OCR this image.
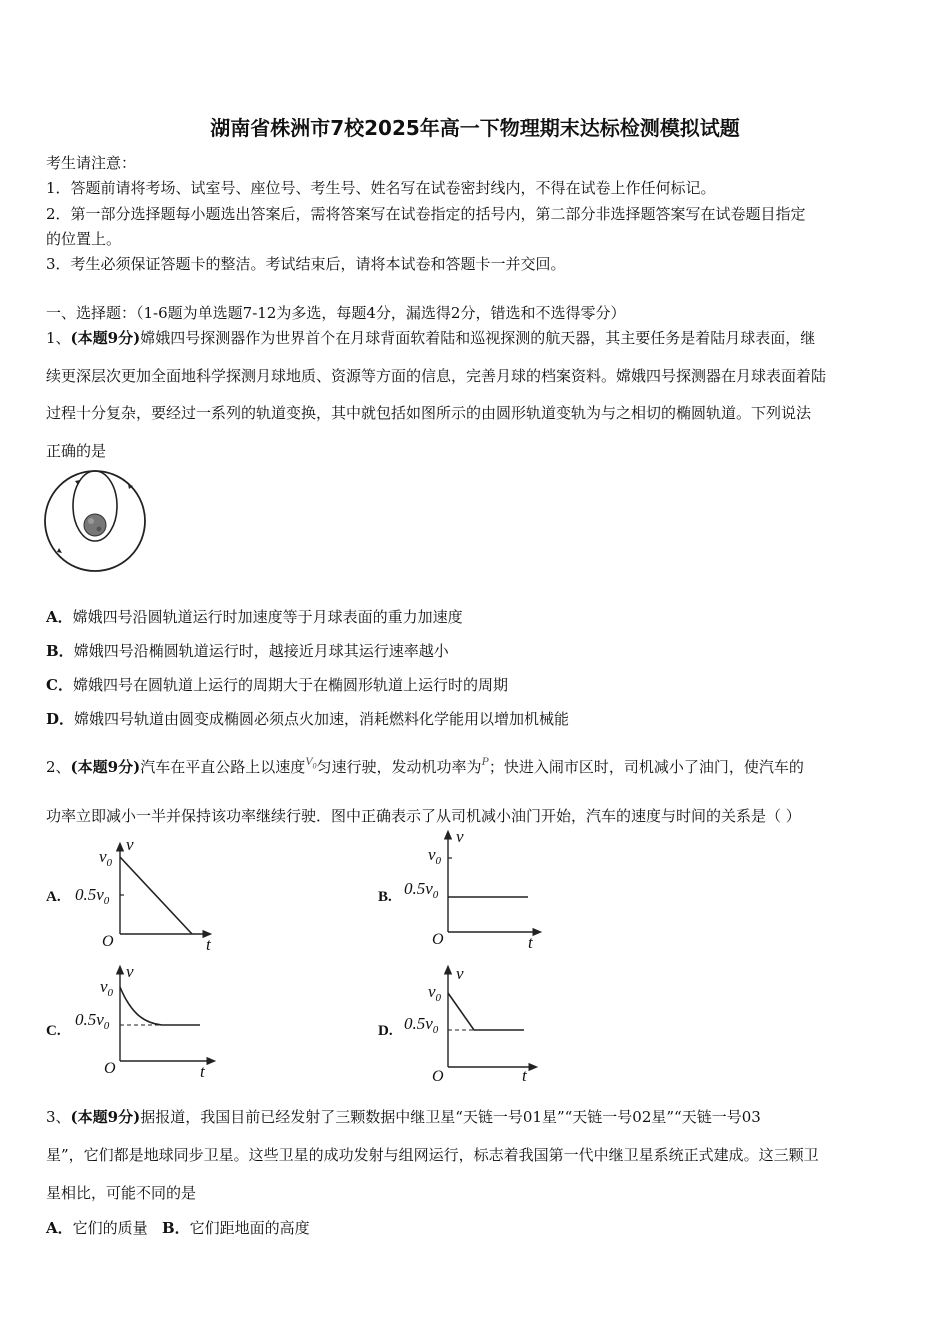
湖南省株洲市7校2025年高一下物理期末达标检测模拟试题
考生请注意：
1．答题前请将考场、试室号、座位号、考生号、姓名写在试卷密封线内，不得在试卷上作任何标记。
2．第一部分选择题每小题选出答案后，需将答案写在试卷指定的括号内，第二部分非选择题答案写在试卷题目指定
的位置上。
3．考生必须保证答题卡的整洁。考试结束后，请将本试卷和答题卡一并交回。
一、选择题：（1-6题为单选题7-12为多选，每题4分，漏选得2分，错选和不选得零分）
1、(本题9分)嫦娥四号探测器作为世界首个在月球背面软着陆和巡视探测的航天器，其主要任务是着陆月球表面，继
续更深层次更加全面地科学探测月球地质、资源等方面的信息，完善月球的档案资料。嫦娥四号探测器在月球表面着陆
过程十分复杂，要经过一系列的轨道变换，其中就包括如图所示的由圆形轨道变轨为与之相切的椭圆轨道。下列说法
正确的是
A．嫦娥四号沿圆轨道运行时加速度等于月球表面的重力加速度
B．嫦娥四号沿椭圆轨道运行时，越接近月球其运行速率越小
C．嫦娥四号在圆轨道上运行的周期大于在椭圆形轨道上运行时的周期
D．嫦娥四号轨道由圆变成椭圆必须点火加速，消耗燃料化学能用以增加机械能
2、(本题9分)汽车在平直公路上以速度$^{V_0}$匀速行驶，发动机功率为$^P$；快进入闹市区时，司机减小了油门，使汽车的
功率立即减小一半并保持该功率继续行驶．图中正确表示了从司机减小油门开始，汽车的速度与时间的关系是（ ）
A.	B.
C.	D.
v
t
O
$v_0$
$0.5v_0$
v
t
O
$v_0$
$0.5v_0$
v
t
O
$v_0$
$0.5v_0$
v
t
O
$v_0$
$0.5v_0$
3、(本题9分)据报道，我国目前已经发射了三颗数据中继卫星“天链一号01星”“天链一号02星”“天链一号03
星”，它们都是地球同步卫星。这些卫星的成功发射与组网运行，标志着我国第一代中继卫星系统正式建成。这三颗卫
星相比，可能不同的是
A．它们的质量 B．它们距地面的高度
